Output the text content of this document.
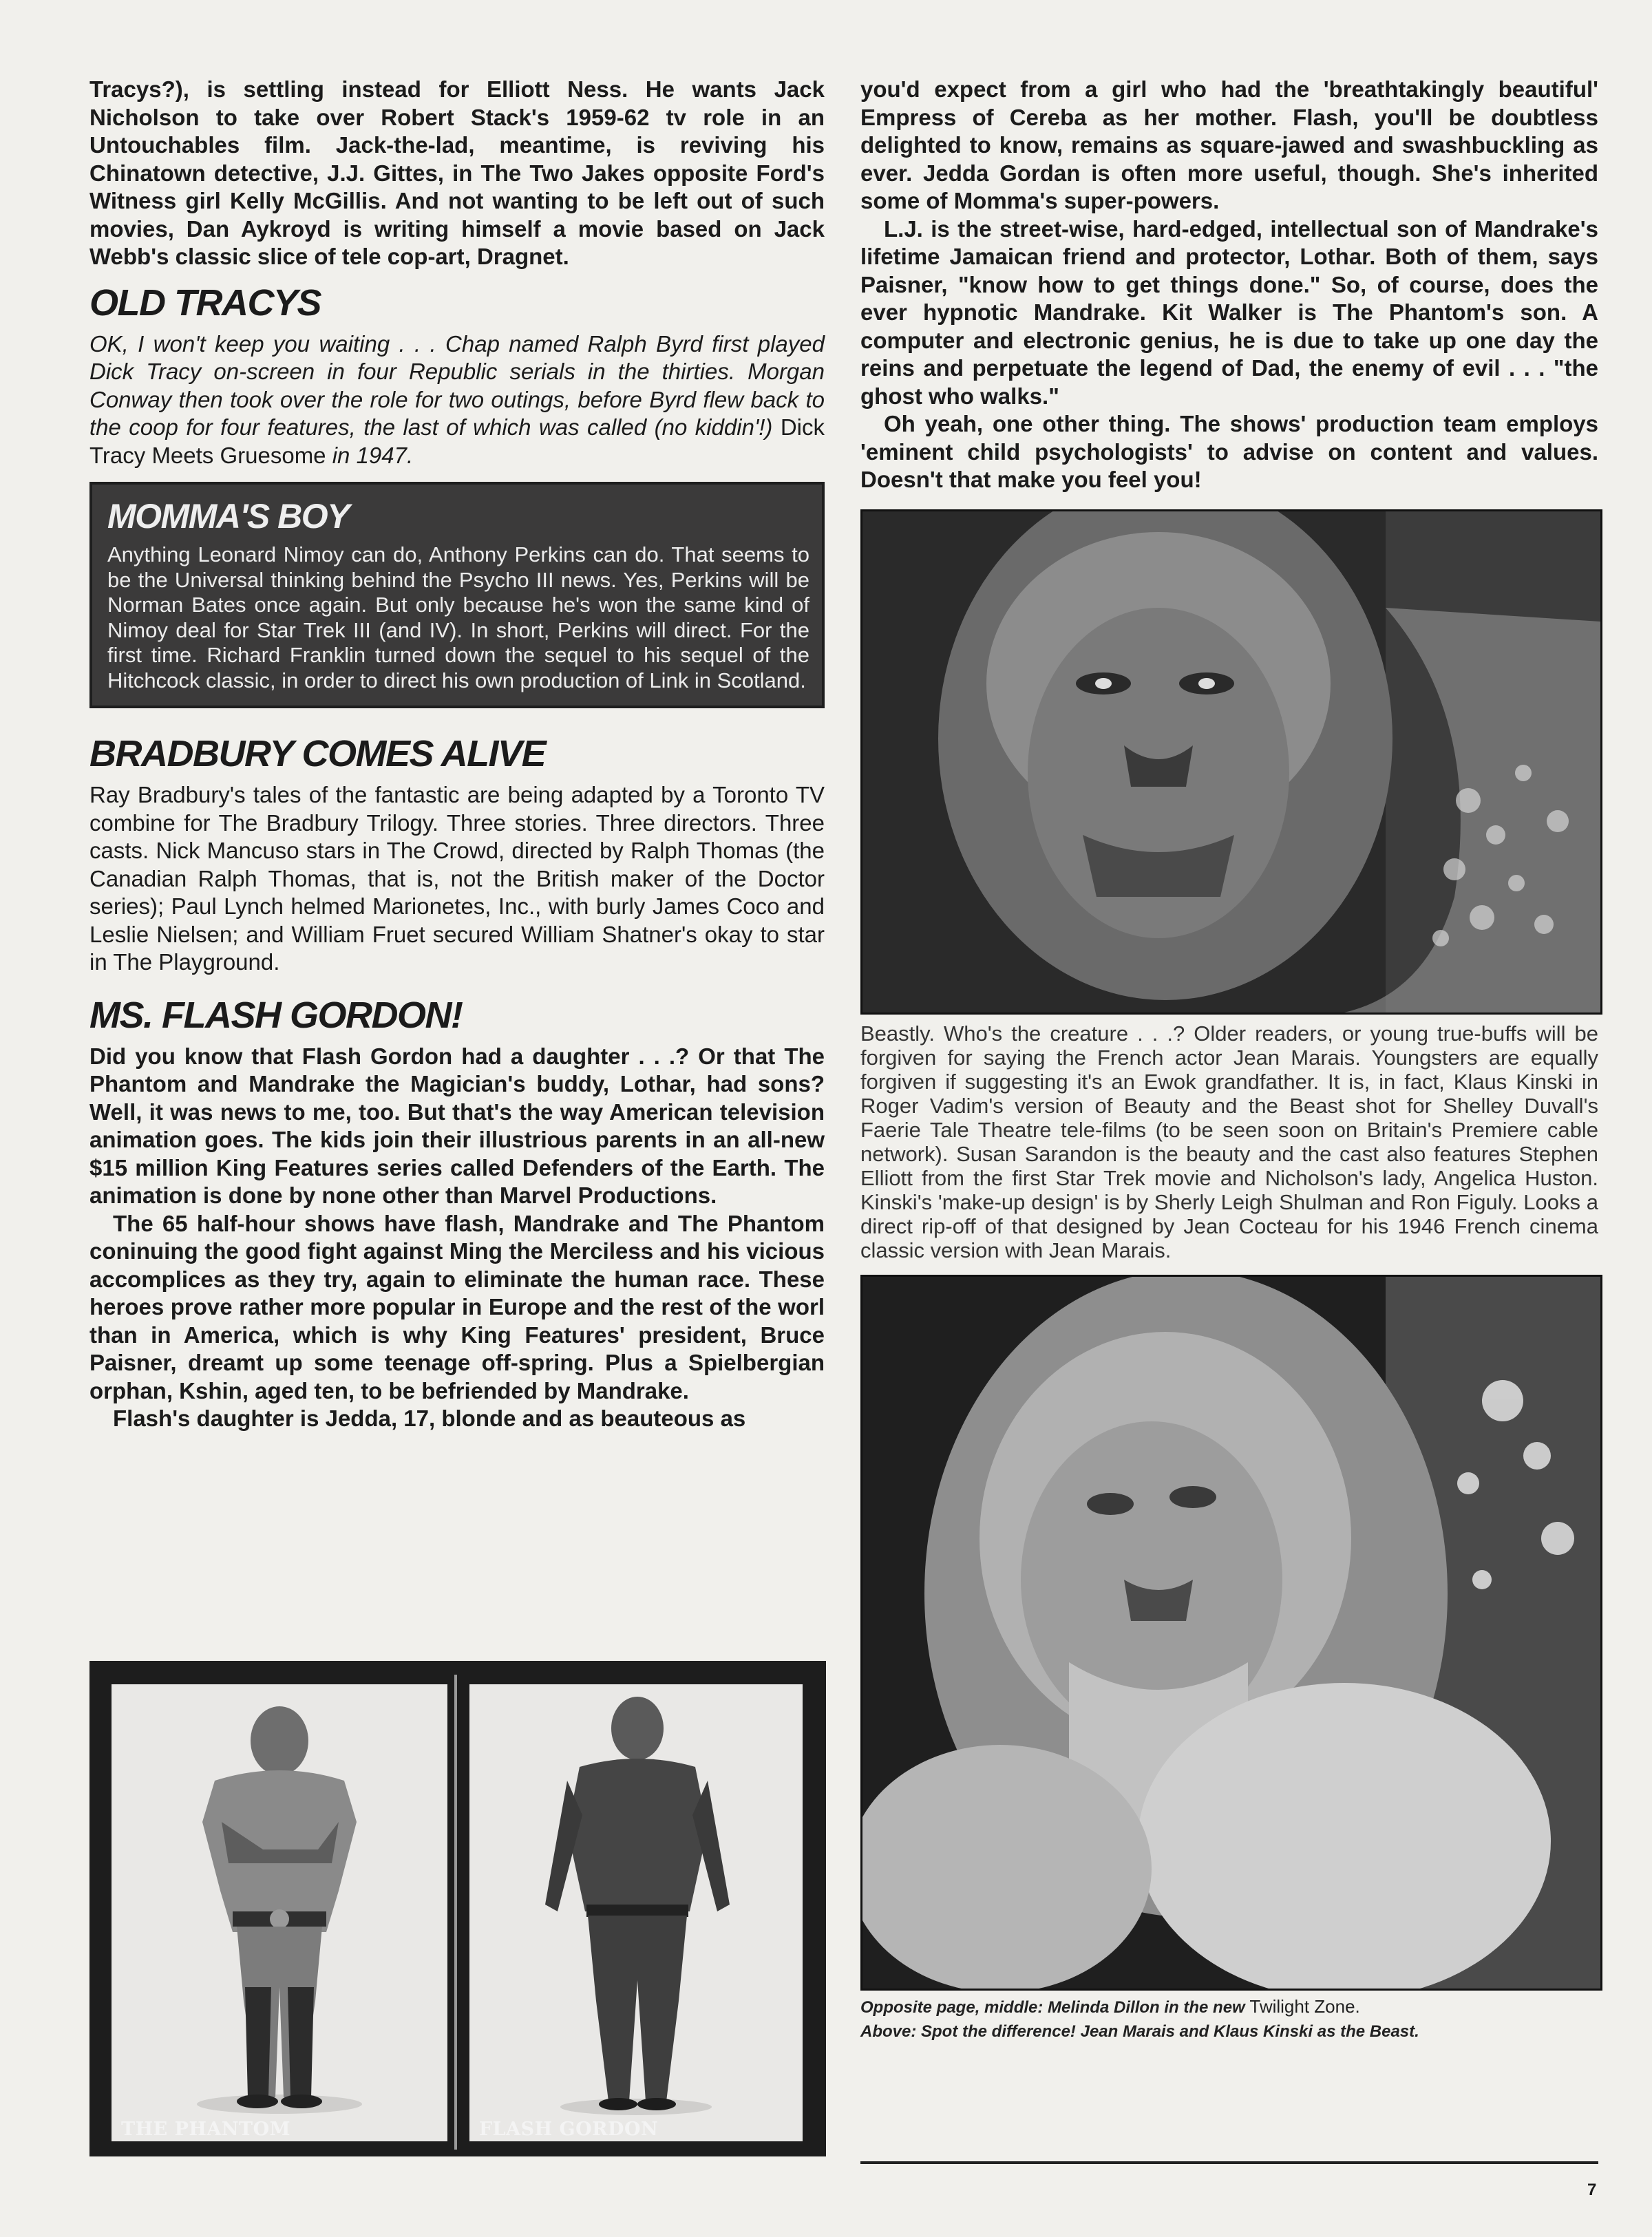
Tracys?), is settling instead for Elliott Ness. He wants Jack Nicholson to take over Robert Stack's 1959-62 tv role in an Untouchables film. Jack-the-lad, meantime, is reviving his Chinatown detective, J.J. Gittes, in The Two Jakes opposite Ford's Witness girl Kelly McGillis. And not wanting to be left out of such movies, Dan Aykroyd is writing himself a movie based on Jack Webb's classic slice of tele cop-art, Dragnet.

OLD TRACYS

OK, I won't keep you waiting . . . Chap named Ralph Byrd first played Dick Tracy on-screen in four Republic serials in the thirties. Morgan Conway then took over the role for two outings, before Byrd flew back to the coop for four features, the last of which was called (no kiddin'!) Dick Tracy Meets Gruesome in 1947.

MOMMA'S BOY

Anything Leonard Nimoy can do, Anthony Perkins can do. That seems to be the Universal thinking behind the Psycho III news. Yes, Perkins will be Norman Bates once again. But only because he's won the same kind of Nimoy deal for Star Trek III (and IV). In short, Perkins will direct. For the first time. Richard Franklin turned down the sequel to his sequel of the Hitchcock classic, in order to direct his own production of Link in Scotland.

BRADBURY COMES ALIVE

Ray Bradbury's tales of the fantastic are being adapted by a Toronto TV combine for The Bradbury Trilogy. Three stories. Three directors. Three casts. Nick Mancuso stars in The Crowd, directed by Ralph Thomas (the Canadian Ralph Thomas, that is, not the British maker of the Doctor series); Paul Lynch helmed Marionetes, Inc., with burly James Coco and Leslie Nielsen; and William Fruet secured William Shatner's okay to star in The Playground.

MS. FLASH GORDON!

Did you know that Flash Gordon had a daughter . . .? Or that The Phantom and Mandrake the Magician's buddy, Lothar, had sons? Well, it was news to me, too. But that's the way American television animation goes. The kids join their illustrious parents in an all-new $15 million King Features series called Defenders of the Earth. The animation is done by none other than Marvel Productions.

The 65 half-hour shows have flash, Mandrake and The Phantom coninuing the good fight against Ming the Merciless and his vicious accomplices as they try, again to eliminate the human race. These heroes prove rather more popular in Europe and the rest of the worl than in America, which is why King Features' president, Bruce Paisner, dreamt up some teenage off-spring. Plus a Spielbergian orphan, Kshin, aged ten, to be befriended by Mandrake.

Flash's daughter is Jedda, 17, blonde and as beauteous as

THE PHANTOM	FLASH GORDON

you'd expect from a girl who had the 'breathtakingly beautiful' Empress of Cereba as her mother. Flash, you'll be doubtless delighted to know, remains as square-jawed and swashbuckling as ever. Jedda Gordan is often more useful, though. She's inherited some of Momma's super-powers.

L.J. is the street-wise, hard-edged, intellectual son of Mandrake's lifetime Jamaican friend and protector, Lothar. Both of them, says Paisner, "know how to get things done." So, of course, does the ever hypnotic Mandrake. Kit Walker is The Phantom's son. A computer and electronic genius, he is due to take up one day the reins and perpetuate the legend of Dad, the enemy of evil . . . "the ghost who walks."

Oh yeah, one other thing. The shows' production team employs 'eminent child psychologists' to advise on content and values. Doesn't that make you feel you!

Beastly. Who's the creature . . .? Older readers, or young true-buffs will be forgiven for saying the French actor Jean Marais. Youngsters are equally forgiven if suggesting it's an Ewok grandfather. It is, in fact, Klaus Kinski in Roger Vadim's version of Beauty and the Beast shot for Shelley Duvall's Faerie Tale Theatre tele-films (to be seen soon on Britain's Premiere cable network). Susan Sarandon is the beauty and the cast also features Stephen Elliott from the first Star Trek movie and Nicholson's lady, Angelica Huston. Kinski's 'make-up design' is by Sherly Leigh Shulman and Ron Figuly. Looks a direct rip-off of that designed by Jean Cocteau for his 1946 French cinema classic version with Jean Marais.

Opposite page, middle: Melinda Dillon in the new Twilight Zone.

Above: Spot the difference! Jean Marais and Klaus Kinski as the Beast.

7
